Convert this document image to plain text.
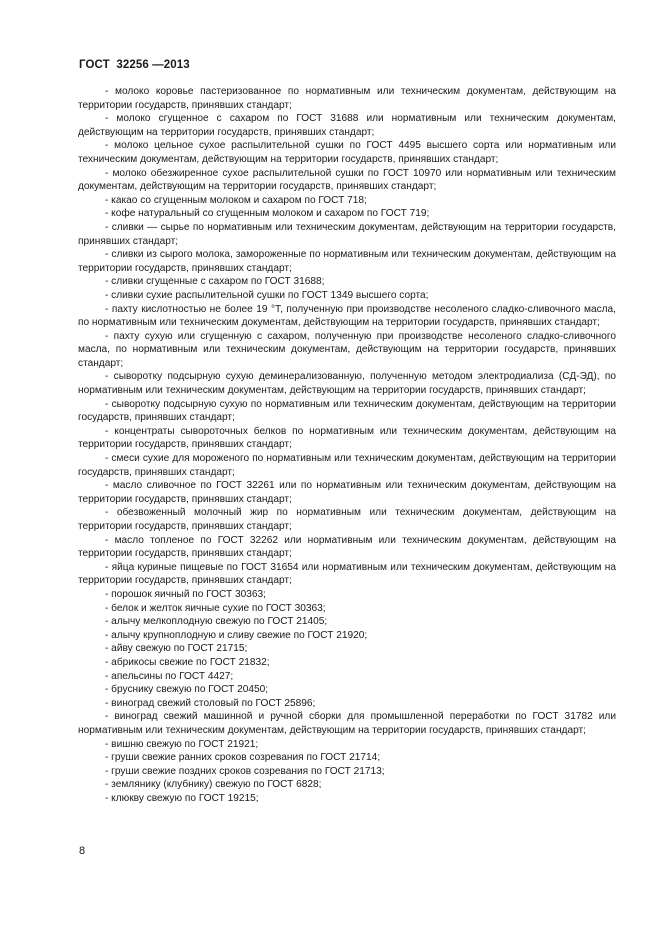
ГОСТ  32256 —2013

- молоко коровье пастеризованное по нормативным или техническим документам, действующим на территории государств, принявших стандарт;

- молоко сгущенное с сахаром по ГОСТ 31688 или нормативным или техническим документам, действующим на территории государств, принявших стандарт;

- молоко цельное сухое распылительной сушки по ГОСТ 4495 высшего сорта или нормативным или техническим документам, действующим на территории государств, принявших стандарт;

- молоко обезжиренное сухое распылительной сушки по ГОСТ 10970 или нормативным или техническим документам, действующим на территории государств, принявших стандарт;

- какао со сгущенным молоком и сахаром по ГОСТ 718;

- кофе натуральный со сгущенным молоком и сахаром по ГОСТ 719;

- сливки — сырье по нормативным или техническим документам, действующим на территории государств, принявших стандарт;

- сливки из сырого молока, замороженные по нормативным или техническим документам, действующим на территории государств, принявших стандарт;

- сливки сгущенные с сахаром по ГОСТ 31688;

- сливки сухие распылительной сушки по ГОСТ 1349 высшего сорта;

- пахту кислотностью не более 19 °Т, полученную при производстве несоленого сладко-сливочного масла, по нормативным или техническим документам, действующим на территории государств, принявших стандарт;

- пахту сухую или сгущенную с сахаром, полученную при производстве несоленого сладко-сливочного масла, по нормативным или техническим документам, действующим на территории государств, принявших стандарт;

- сыворотку подсырную сухую деминерализованную, полученную методом электродиализа (СД-ЭД), по нормативным или техническим документам, действующим на территории государств, принявших стандарт;

- сыворотку подсырную сухую по нормативным или техническим документам, действующим на территории государств, принявших стандарт;

- концентраты сывороточных белков по нормативным или техническим документам, действующим на территории государств, принявших стандарт;

- смеси сухие для мороженого по нормативным или техническим документам, действующим на территории государств, принявших стандарт;

- масло сливочное по ГОСТ 32261 или по нормативным или техническим документам, действующим на территории государств, принявших стандарт;

- обезвоженный молочный жир по нормативным или техническим документам, действующим на территории государств, принявших стандарт;

- масло топленое по ГОСТ 32262 или нормативным или техническим документам, действующим на территории государств, принявших стандарт;

- яйца куриные пищевые по ГОСТ 31654 или нормативным или техническим документам, действующим на территории государств, принявших стандарт;

- порошок яичный по ГОСТ 30363;

- белок и желток яичные сухие по ГОСТ 30363;

- алычу мелкоплодную свежую по ГОСТ 21405;

- алычу крупноплодную и сливу свежие по ГОСТ 21920;

- айву свежую по ГОСТ 21715;

- абрикосы свежие по ГОСТ 21832;

- апельсины по ГОСТ 4427;

- бруснику свежую по ГОСТ 20450;

- виноград свежий столовый по ГОСТ 25896;

- виноград свежий машинной и ручной сборки для промышленной переработки по ГОСТ 31782 или нормативным или техническим документам, действующим на территории государств, принявших стандарт;

- вишню свежую по ГОСТ 21921;

- груши свежие ранних сроков созревания по ГОСТ 21714;

- груши свежие поздних сроков созревания по ГОСТ 21713;

- землянику (клубнику) свежую по ГОСТ 6828;

- клюкву свежую по ГОСТ 19215;

8
